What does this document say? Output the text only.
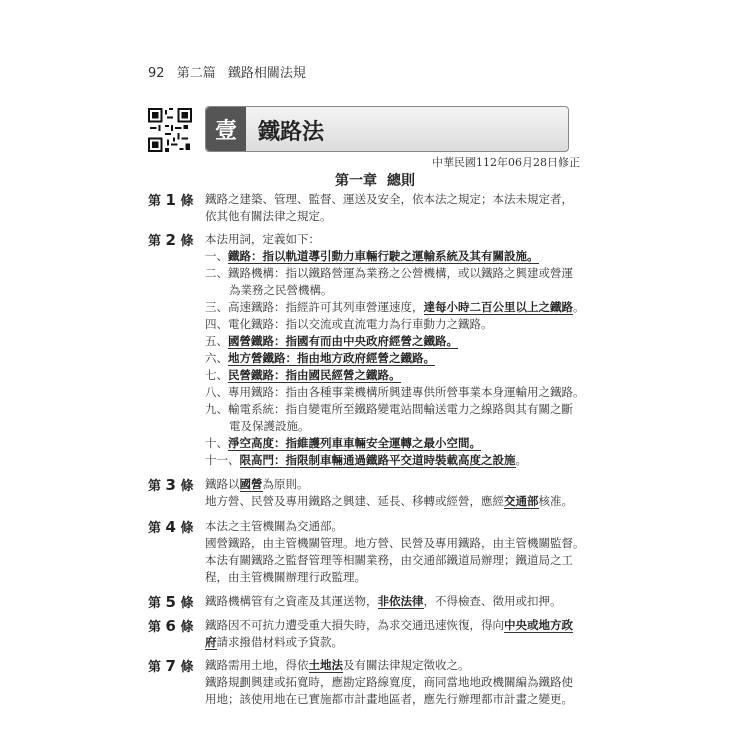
92 第二篇 鐵路相關法規
壹 鐵路法
中華民國112年06月28日修正
第一章 總則
第 1 條 鐵路之建築、管理、監督、運送及安全，依本法之規定；本法未規定者，
依其他有關法律之規定。
第 2 條 本法用詞，定義如下：
一、鐵路：指以軌道導引動力車輛行駛之運輸系統及其有關設施。
二、鐵路機構：指以鐵路營運為業務之公營機構，或以鐵路之興建或營運
為業務之民營機構。
三、高速鐵路：指經許可其列車營運速度，達每小時二百公里以上之鐵路。
四、電化鐵路：指以交流或直流電力為行車動力之鐵路。
五、國營鐵路：指國有而由中央政府經營之鐵路。
六、地方營鐵路：指由地方政府經營之鐵路。
七、民營鐵路：指由國民經營之鐵路。
八、專用鐵路：指由各種事業機構所興建專供所營事業本身運輸用之鐵路。
九、輸電系統：指自變電所至鐵路變電站間輸送電力之線路與其有關之斷
電及保護設施。
十、淨空高度：指維護列車車輛安全運轉之最小空間。
十一、限高門：指限制車輛通過鐵路平交道時裝載高度之設施。
第 3 條 鐵路以國營為原則。
地方營、民營及專用鐵路之興建、延長、移轉或經營，應經交通部核准。
第 4 條 本法之主管機關為交通部。
國營鐵路，由主管機關管理。地方營、民營及專用鐵路，由主管機關監督。
本法有關鐵路之監督管理等相關業務，由交通部鐵道局辦理；鐵道局之工
程，由主管機關辦理行政監理。
第 5 條 鐵路機構管有之資產及其運送物，非依法律，不得檢查、徵用或扣押。
第 6 條 鐵路因不可抗力遭受重大損失時，為求交通迅速恢復，得向中央或地方政
府請求撥借材料或予貸款。
第 7 條 鐵路需用土地，得依土地法及有關法律規定徵收之。
鐵路規劃興建或拓寬時，應勘定路線寬度，商同當地地政機關編為鐵路使
用地；該使用地在已實施都市計畫地區者，應先行辦理都市計畫之變更。
